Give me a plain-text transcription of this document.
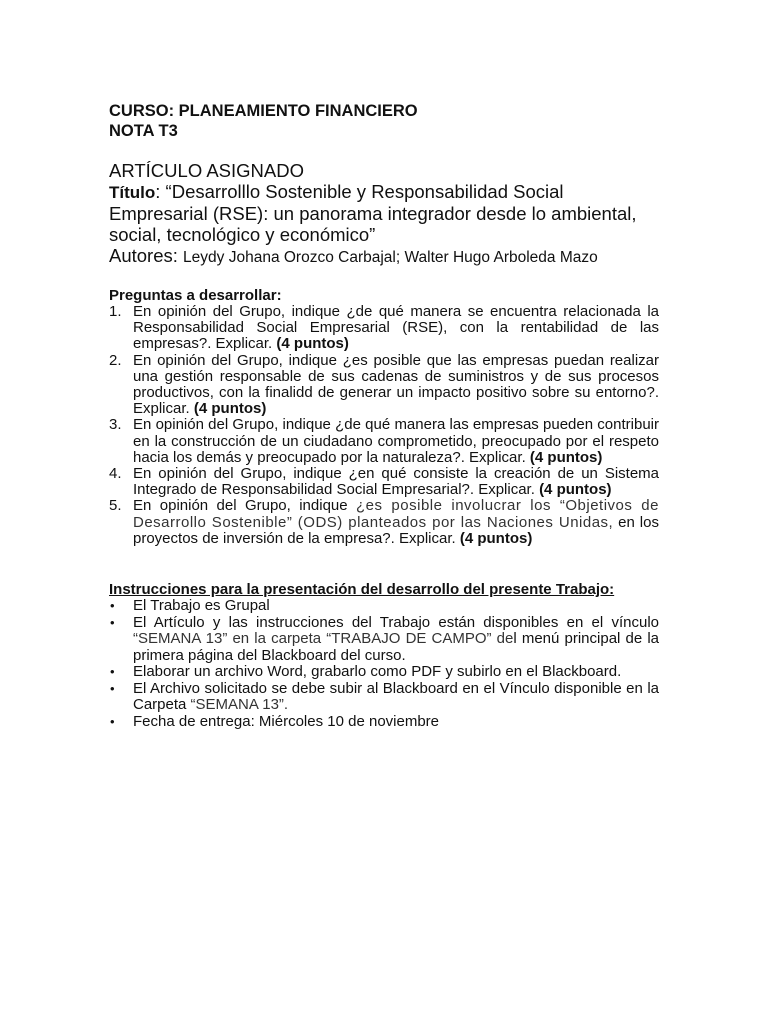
CURSO: PLANEAMIENTO FINANCIERO
NOTA T3
ARTÍCULO ASIGNADO
Título: “Desarrolllo Sostenible y Responsabilidad Social Empresarial (RSE): un panorama integrador desde lo ambiental, social, tecnológico y económico”
Autores: Leydy Johana Orozco Carbajal; Walter Hugo Arboleda Mazo
Preguntas a desarrollar:
1. En opinión del Grupo, indique ¿de qué manera se encuentra relacionada la Responsabilidad Social Empresarial (RSE), con la rentabilidad de las empresas?. Explicar. (4 puntos)
2. En opinión del Grupo, indique ¿es posible que las empresas puedan realizar una gestión responsable de sus cadenas de suministros y de sus procesos productivos, con la finalidd de generar un impacto positivo sobre su entorno?. Explicar. (4 puntos)
3. En opinión del Grupo, indique ¿de qué manera las empresas pueden contribuir en la construcción de un ciudadano comprometido, preocupado por el respeto hacia los demás y preocupado por la naturaleza?. Explicar. (4 puntos)
4. En opinión del Grupo, indique ¿en qué consiste la creación de un Sistema Integrado de Responsabilidad Social Empresarial?. Explicar. (4 puntos)
5. En opinión del Grupo, indique ¿es posible involucrar los “Objetivos de Desarrollo Sostenible” (ODS) planteados por las Naciones Unidas, en los proyectos de inversión de la empresa?. Explicar. (4 puntos)
Instrucciones para la presentación del desarrollo del presente Trabajo:
• El Trabajo es Grupal
• El Artículo y las instrucciones del Trabajo están disponibles en el vínculo “SEMANA 13” en la carpeta “TRABAJO DE CAMPO” del menú principal de la primera página del Blackboard del curso.
• Elaborar un archivo Word, grabarlo como PDF y subirlo en el Blackboard.
• El Archivo solicitado se debe subir al Blackboard en el Vínculo disponible en la Carpeta “SEMANA 13”.
• Fecha de entrega: Miércoles 10 de noviembre
